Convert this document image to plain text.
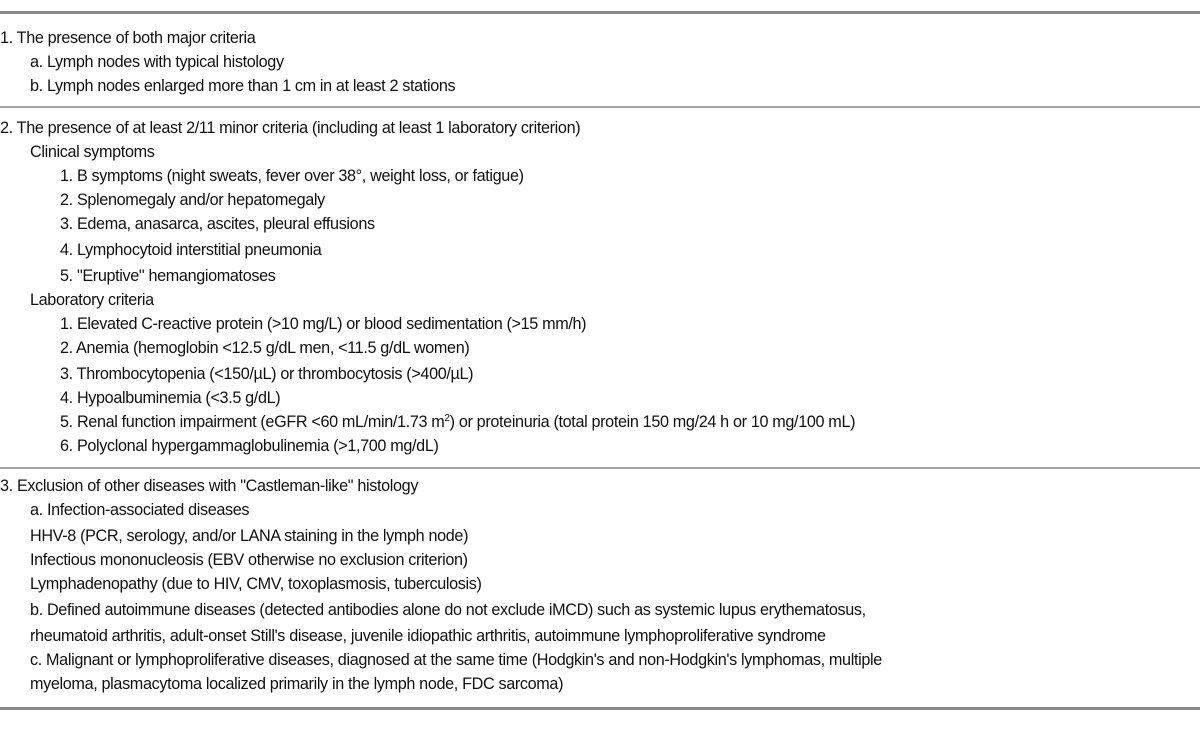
1. The presence of both major criteria
a. Lymph nodes with typical histology
b. Lymph nodes enlarged more than 1 cm in at least 2 stations
2. The presence of at least 2/11 minor criteria (including at least 1 laboratory criterion)
Clinical symptoms
1. B symptoms (night sweats, fever over 38°, weight loss, or fatigue)
2. Splenomegaly and/or hepatomegaly
3. Edema, anasarca, ascites, pleural effusions
4. Lymphocytoid interstitial pneumonia
5. "Eruptive" hemangiomatoses
Laboratory criteria
1. Elevated C-reactive protein (>10 mg/L) or blood sedimentation (>15 mm/h)
2. Anemia (hemoglobin <12.5 g/dL men, <11.5 g/dL women)
3. Thrombocytopenia (<150/µL) or thrombocytosis (>400/µL)
4. Hypoalbuminemia (<3.5 g/dL)
5. Renal function impairment (eGFR <60 mL/min/1.73 $m^2$) or proteinuria (total protein 150 mg/24 h or 10 mg/100 mL)
6. Polyclonal hypergammaglobulinemia (>1,700 mg/dL)
3. Exclusion of other diseases with "Castleman-like" histology
a. Infection-associated diseases
HHV-8 (PCR, serology, and/or LANA staining in the lymph node)
Infectious mononucleosis (EBV otherwise no exclusion criterion)
Lymphadenopathy (due to HIV, CMV, toxoplasmosis, tuberculosis)
b. Defined autoimmune diseases (detected antibodies alone do not exclude iMCD) such as systemic lupus erythematosus,
rheumatoid arthritis, adult-onset Still's disease, juvenile idiopathic arthritis, autoimmune lymphoproliferative syndrome
c. Malignant or lymphoproliferative diseases, diagnosed at the same time (Hodgkin's and non-Hodgkin's lymphomas, multiple
myeloma, plasmacytoma localized primarily in the lymph node, FDC sarcoma)
